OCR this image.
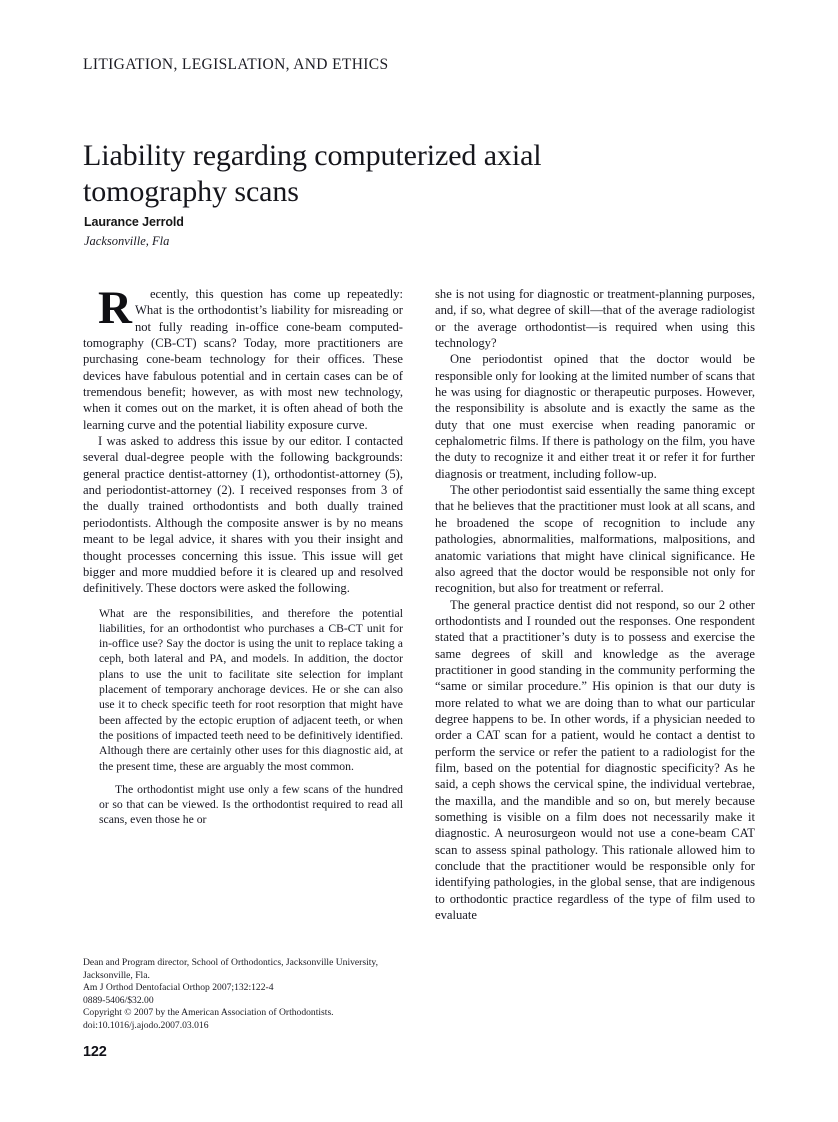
LITIGATION, LEGISLATION, AND ETHICS
Liability regarding computerized axial tomography scans
Laurance Jerrold
Jacksonville, Fla

R ecently, this question has come up repeatedly: What is the orthodontist’s liability for misreading or not fully reading in-office cone-beam computed-tomography (CB-CT) scans? Today, more practitioners are purchasing cone-beam technology for their offices. These devices have fabulous potential and in certain cases can be of tremendous benefit; however, as with most new technology, when it comes out on the market, it is often ahead of both the learning curve and the potential liability exposure curve.

I was asked to address this issue by our editor. I contacted several dual-degree people with the following backgrounds: general practice dentist-attorney (1), orthodontist-attorney (5), and periodontist-attorney (2). I received responses from 3 of the dually trained orthodontists and both dually trained periodontists. Although the composite answer is by no means meant to be legal advice, it shares with you their insight and thought processes concerning this issue. This issue will get bigger and more muddied before it is cleared up and resolved definitively. These doctors were asked the following.

What are the responsibilities, and therefore the potential liabilities, for an orthodontist who purchases a CB-CT unit for in-office use? Say the doctor is using the unit to replace taking a ceph, both lateral and PA, and models. In addition, the doctor plans to use the unit to facilitate site selection for implant placement of temporary anchorage devices. He or she can also use it to check specific teeth for root resorption that might have been affected by the ectopic eruption of adjacent teeth, or when the positions of impacted teeth need to be definitively identified. Although there are certainly other uses for this diagnostic aid, at the present time, these are arguably the most common.

The orthodontist might use only a few scans of the hundred or so that can be viewed. Is the orthodontist required to read all scans, even those he or

she is not using for diagnostic or treatment-planning purposes, and, if so, what degree of skill—that of the average radiologist or the average orthodontist—is required when using this technology?

One periodontist opined that the doctor would be responsible only for looking at the limited number of scans that he was using for diagnostic or therapeutic purposes. However, the responsibility is absolute and is exactly the same as the duty that one must exercise when reading panoramic or cephalometric films. If there is pathology on the film, you have the duty to recognize it and either treat it or refer it for further diagnosis or treatment, including follow-up.

The other periodontist said essentially the same thing except that he believes that the practitioner must look at all scans, and he broadened the scope of recognition to include any pathologies, abnormalities, malformations, malpositions, and anatomic variations that might have clinical significance. He also agreed that the doctor would be responsible not only for recognition, but also for treatment or referral.

The general practice dentist did not respond, so our 2 other orthodontists and I rounded out the responses. One respondent stated that a practitioner’s duty is to possess and exercise the same degrees of skill and knowledge as the average practitioner in good standing in the community performing the “same or similar procedure.” His opinion is that our duty is more related to what we are doing than to what our particular degree happens to be. In other words, if a physician needed to order a CAT scan for a patient, would he contact a dentist to perform the service or refer the patient to a radiologist for the film, based on the potential for diagnostic specificity? As he said, a ceph shows the cervical spine, the individual vertebrae, the maxilla, and the mandible and so on, but merely because something is visible on a film does not necessarily make it diagnostic. A neurosurgeon would not use a cone-beam CAT scan to assess spinal pathology. This rationale allowed him to conclude that the practitioner would be responsible only for identifying pathologies, in the global sense, that are indigenous to orthodontic practice regardless of the type of film used to evaluate

Dean and Program director, School of Orthodontics, Jacksonville University, Jacksonville, Fla.
Am J Orthod Dentofacial Orthop 2007;132:122-4
0889-5406/$32.00
Copyright © 2007 by the American Association of Orthodontists.
doi:10.1016/j.ajodo.2007.03.016
122
